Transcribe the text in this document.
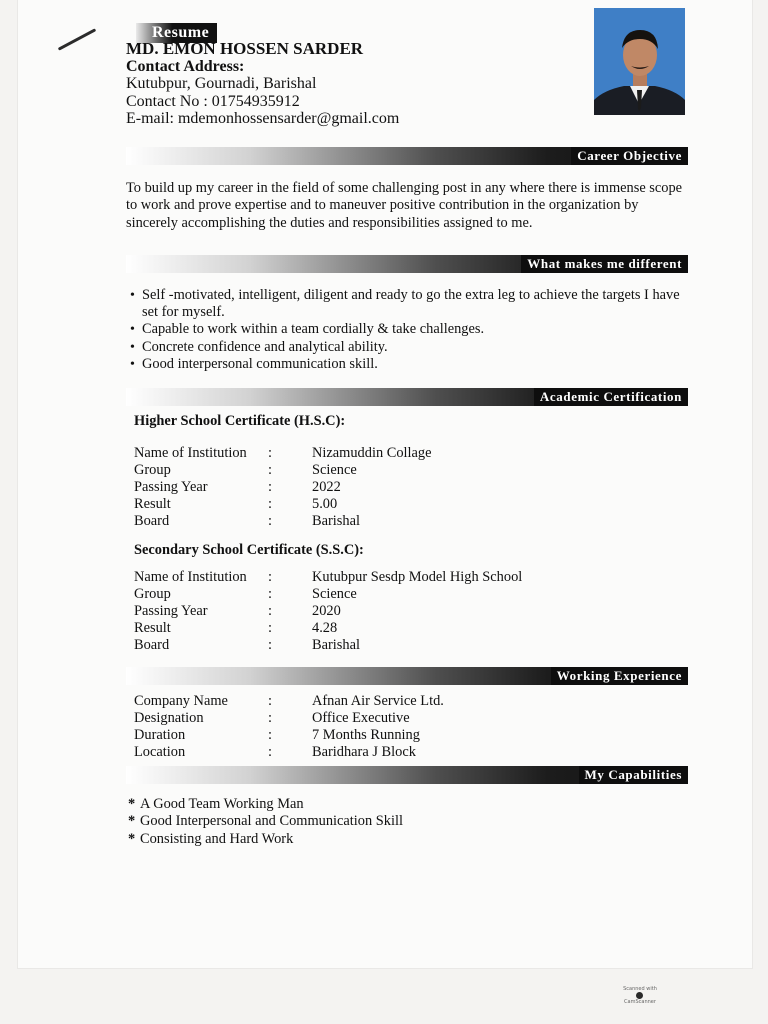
Resume
MD. EMON HOSSEN SARDER
Contact Address:
Kutubpur, Gournadi, Barishal
Contact No : 01754935912
E-mail: mdemonhossensarder@gmail.com
Career Objective
To build up my career in the field of some challenging post in any where there is immense scope to work and prove expertise and to maneuver positive contribution in the organization by sincerely accomplishing the duties and responsibilities assigned to me.
What makes me different
• Self -motivated, intelligent, diligent and ready to go the extra leg to achieve the targets I have set for myself.
• Capable to work within a team cordially & take challenges.
• Concrete confidence and analytical ability.
• Good interpersonal communication skill.
Academic Certification
Higher School Certificate (H.S.C):
Name of Institution	:	Nizamuddin Collage
Group	:	Science
Passing Year	:	2022
Result	:	5.00
Board	:	Barishal
Secondary School Certificate (S.S.C):
Name of Institution	:	Kutubpur Sesdp Model High School
Group	:	Science
Passing Year	:	2020
Result	:	4.28
Board	:	Barishal
Working Experience
Company Name	:	Afnan Air Service Ltd.
Designation	:	Office Executive
Duration	:	7 Months Running
Location	:	Baridhara J Block
My Capabilities
* A Good Team Working Man
* Good Interpersonal and Communication Skill
* Consisting and Hard Work
Scanned with
CamScanner
